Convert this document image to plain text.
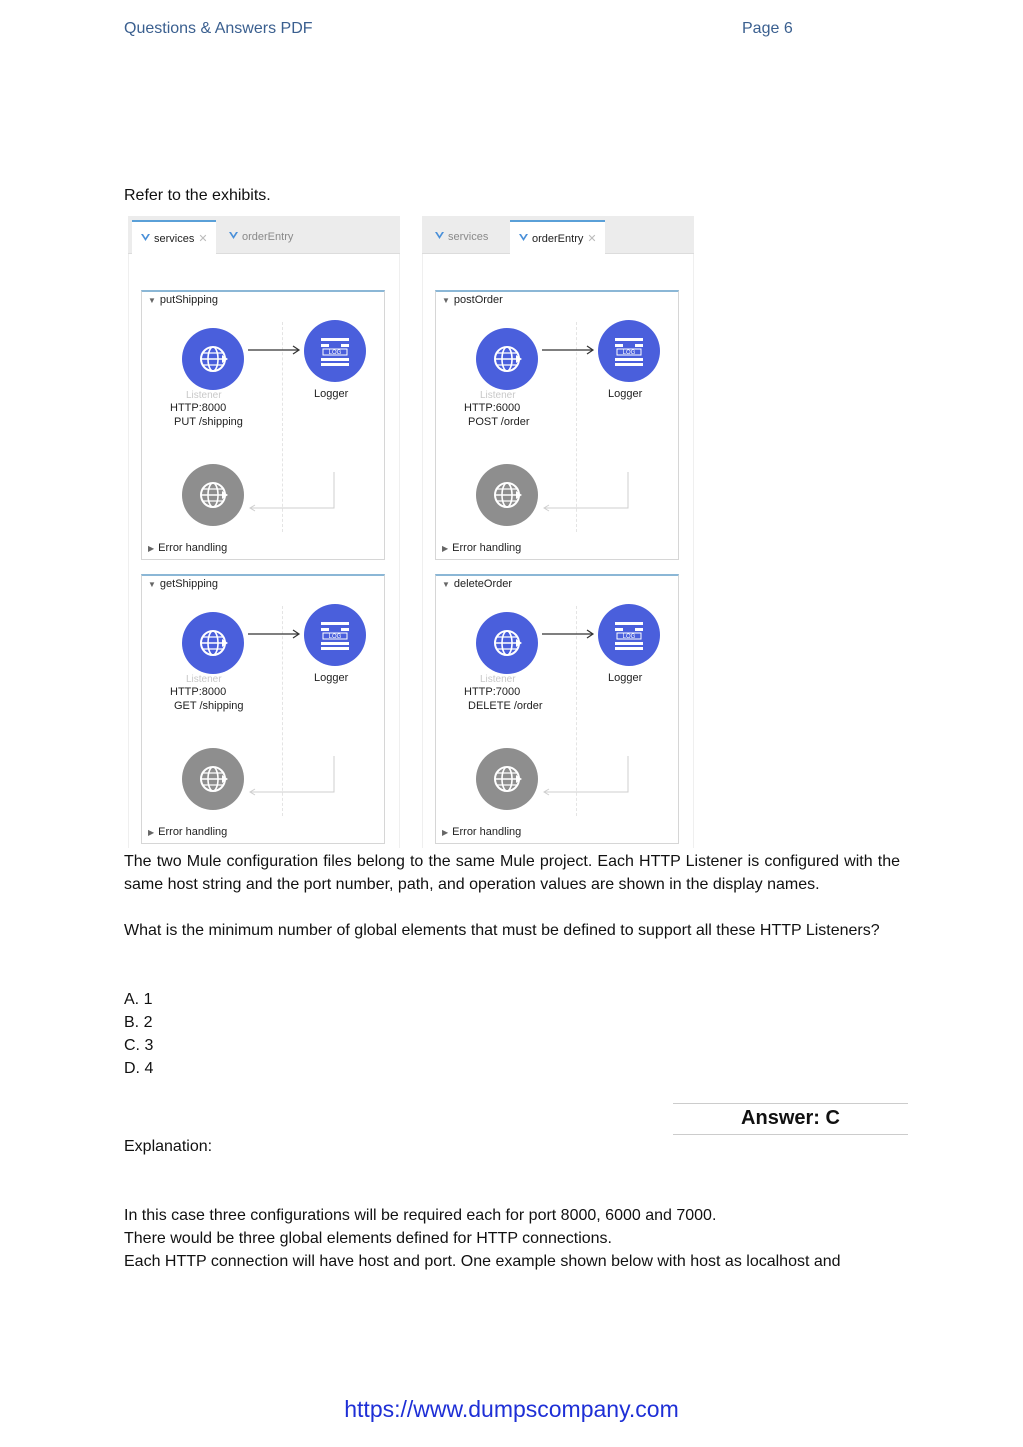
Questions & Answers PDF	Page 6
Refer to the exhibits.
services ✕	orderEntry
▼ putShipping
LOG
Listener	Logger
HTTP:8000
PUT /shipping
▶ Error handling
▼ getShipping
LOG
Listener	Logger
HTTP:8000
GET /shipping
▶ Error handling
services	orderEntry ✕
▼ postOrder
LOG
Listener	Logger
HTTP:6000
POST /order
▶ Error handling
▼ deleteOrder
LOG
Listener	Logger
HTTP:7000
DELETE /order
▶ Error handling
The two Mule configuration files belong to the same Mule project. Each HTTP Listener is configured with the same host string and the port number, path, and operation values are shown in the display names.
What is the minimum number of global elements that must be defined to support all these HTTP Listeners?
A. 1
B. 2
C. 3
D. 4
Answer: C
Explanation:
In this case three configurations will be required each for port 8000, 6000 and 7000.
There would be three global elements defined for HTTP connections.
Each HTTP connection will have host and port. One example shown below with host as localhost and
https://www.dumpscompany.com
